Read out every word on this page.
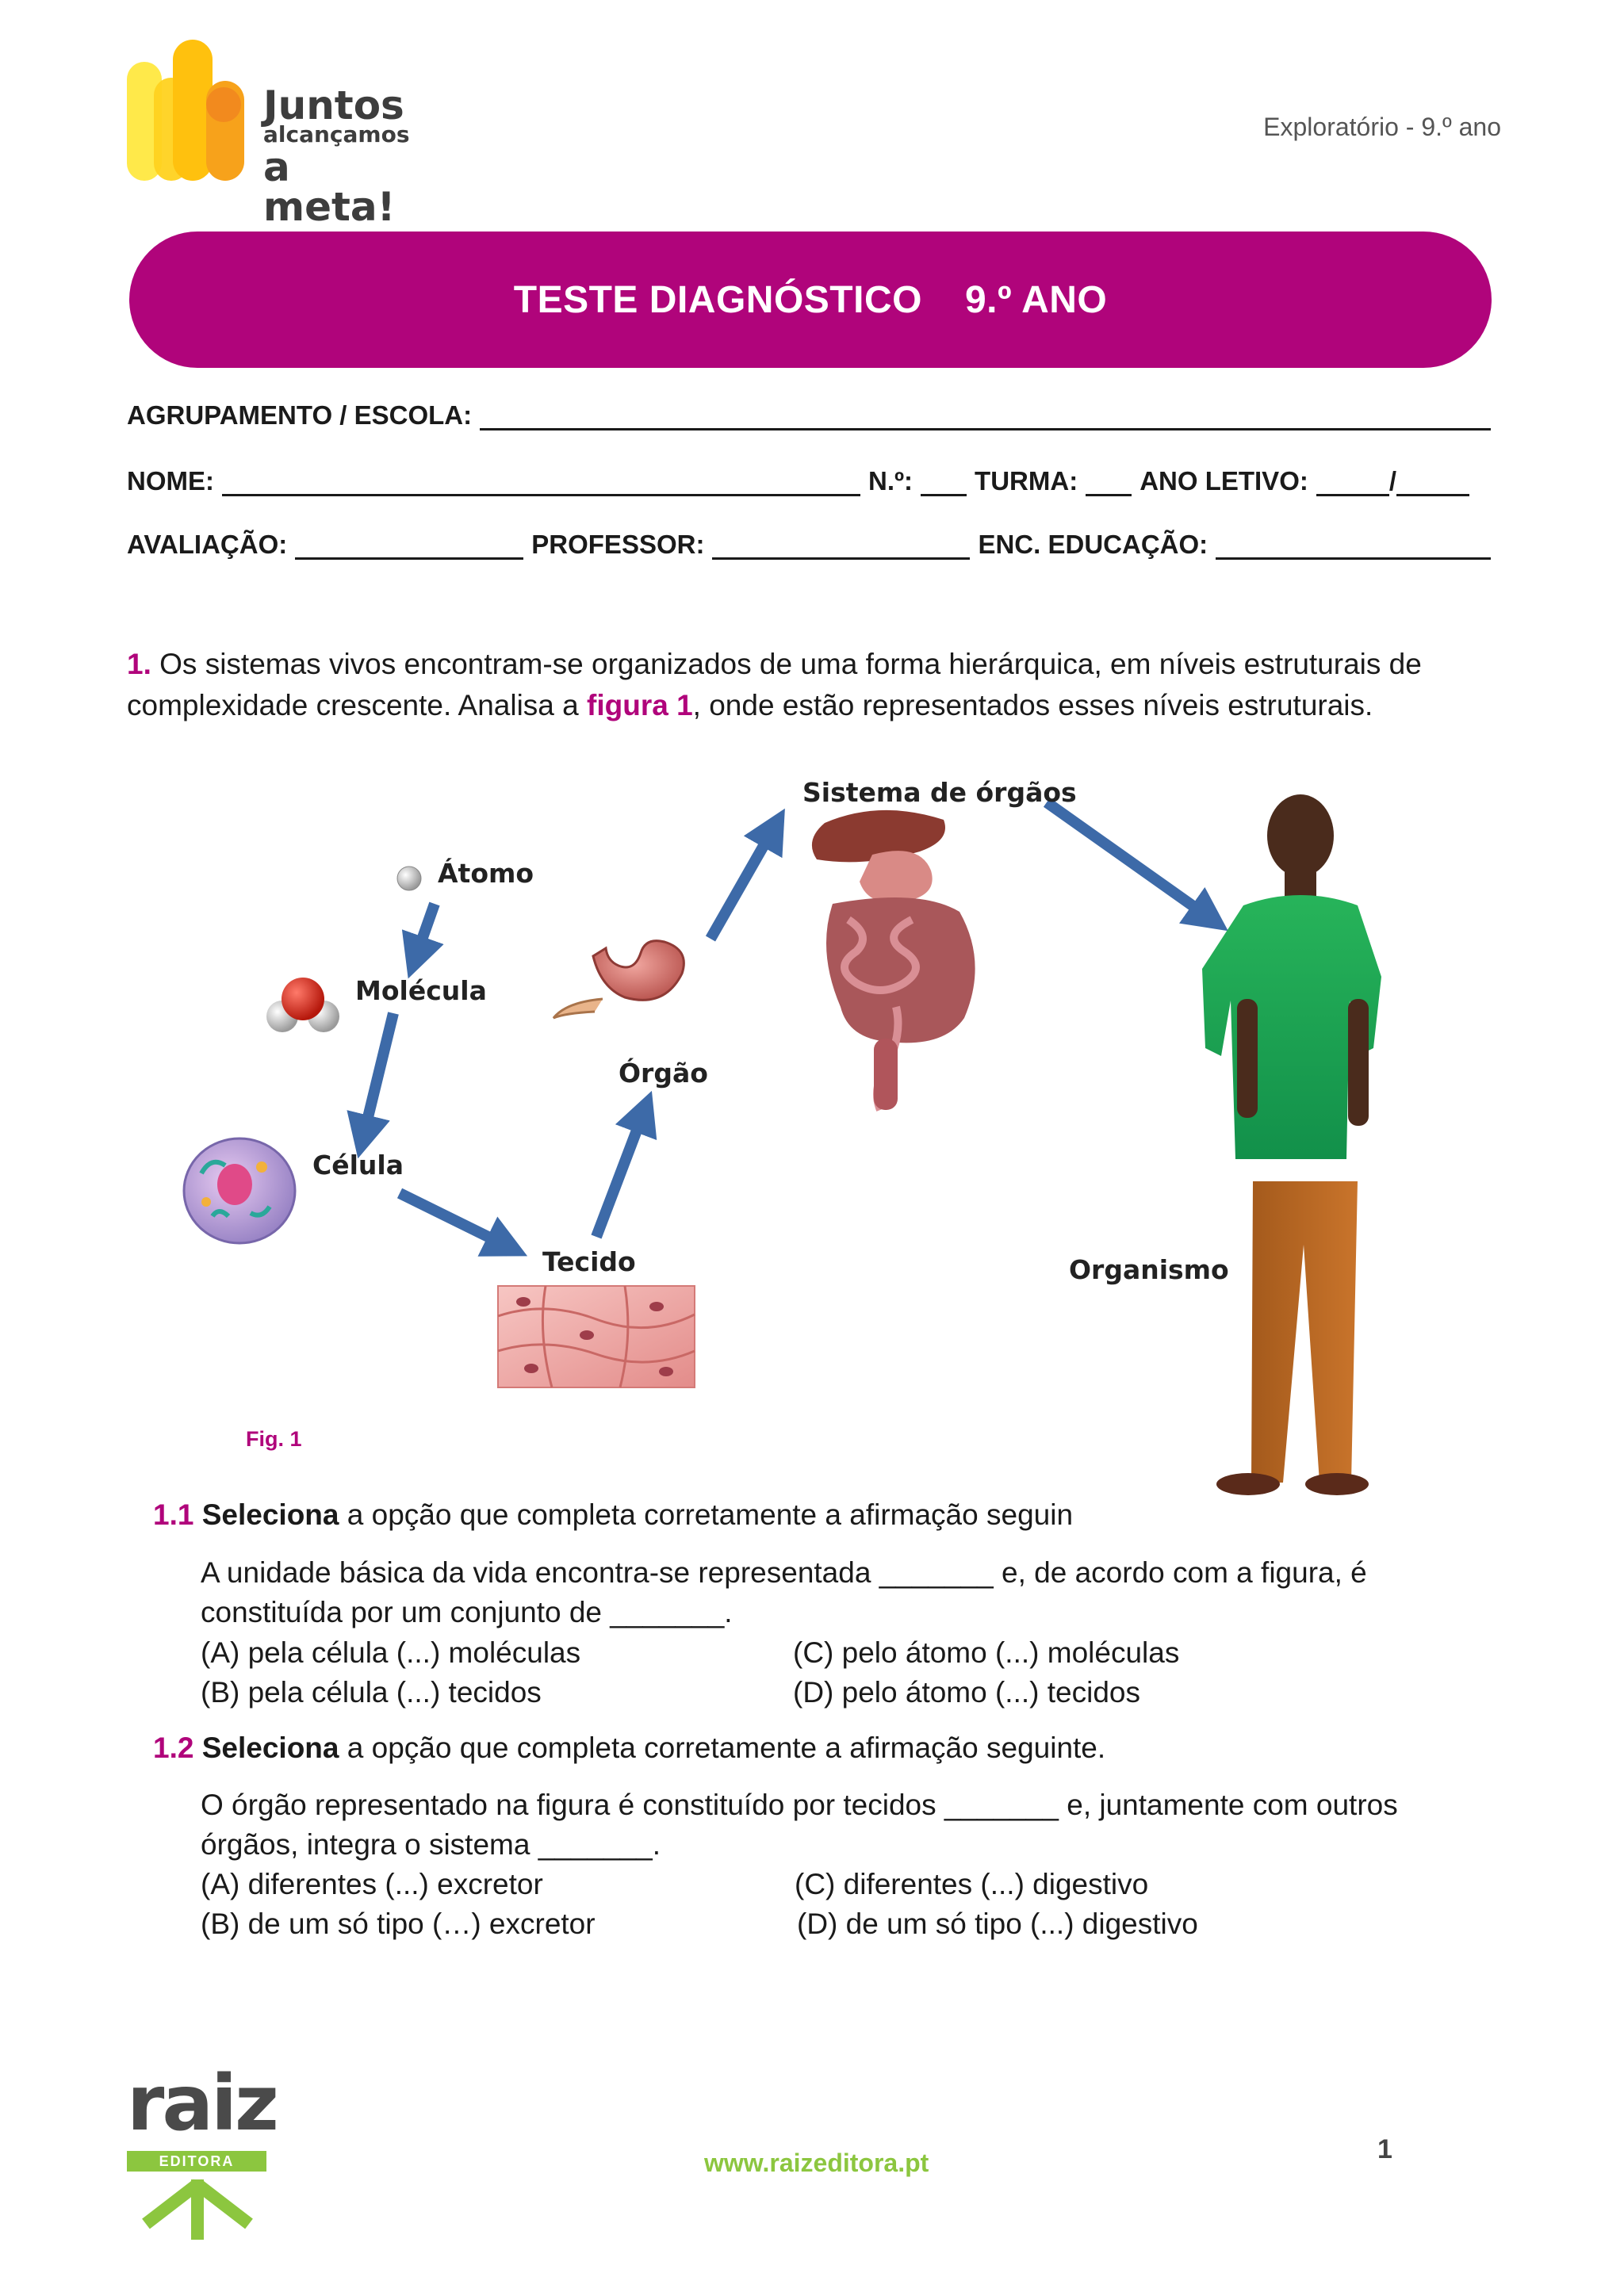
Juntos
alcançamos
a meta!
Exploratório - 9.º ano
TESTE DIAGNÓSTICO 9.º ANO
AGRUPAMENTO / ESCOLA:
NOME:	N.º: TURMA: ANO LETIVO:	/
AVALIAÇÃO:	PROFESSOR:	ENC. EDUCAÇÃO:
1. Os sistemas vivos encontram-se organizados de uma forma hierárquica, em níveis estruturais de complexidade crescente. Analisa a figura 1, onde estão representados esses níveis estruturais.
Átomo
Molécula
Célula
Tecido
Órgão
Sistema de órgãos
Organismo
Fig. 1
1.1 Seleciona a opção que completa corretamente a afirmação seguin
A unidade básica da vida encontra-se representada _______ e, de acordo com a figura, é constituída por um conjunto de _______.
(A) pela célula (...) moléculas
(B) pela célula (...) tecidos
(C) pelo átomo (...) moléculas
(D) pelo átomo (...) tecidos
1.2 Seleciona a opção que completa corretamente a afirmação seguinte.
O órgão representado na figura é constituído por tecidos _______ e, juntamente com outros órgãos, integra o sistema _______.
(A) diferentes (...) excretor
(B) de um só tipo (…) excretor
(C) diferentes (...) digestivo
(D) de um só tipo (...) digestivo
raiz
EDITORA	www.raizeditora.pt	1
